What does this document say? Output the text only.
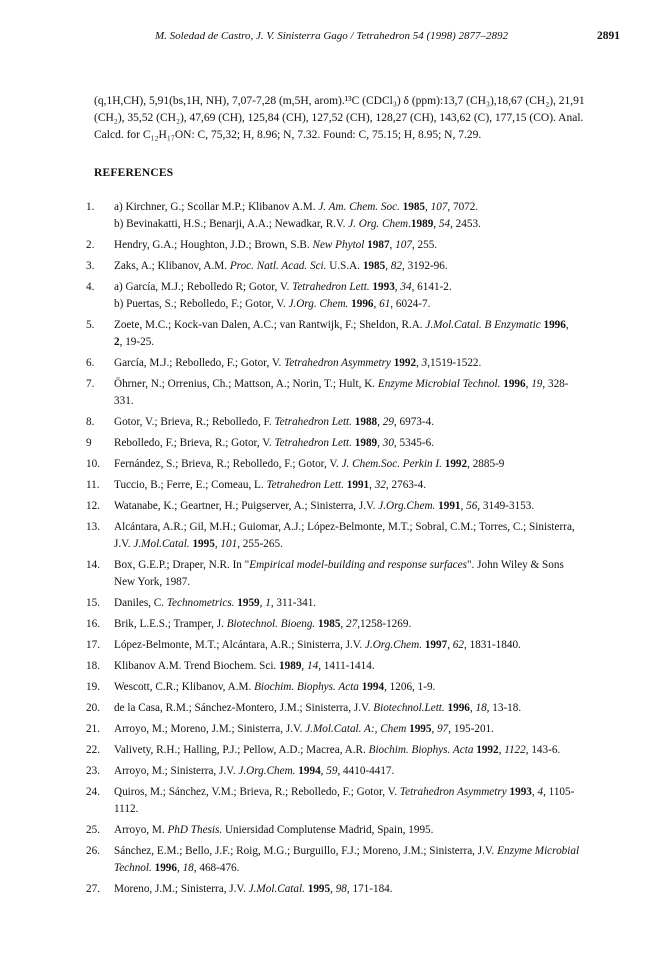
M. Soledad de Castro, J. V. Sinisterra Gago / Tetrahedron 54 (1998) 2877–2892	2891

(q,1H,CH), 5,91(bs,1H, NH), 7,07-7,28 (m,5H, arom).¹³C (CDCl₃) δ (ppm):13,7 (CH₃),18,67 (CH₂), 21,91
(CH₂), 35,52 (CH₂), 47,69 (CH), 125,84 (CH), 127,52 (CH), 128,27 (CH), 143,62 (C), 177,15 (CO). Anal.
Calcd. for C₁₂H₁₇ON: C, 75,32; H, 8.96; N, 7.32. Found: C, 75.15; H, 8.95; N, 7.29.

REFERENCES
1.	a) Kirchner, G.; Scollar M.P.; Klibanov A.M. J. Am. Chem. Soc. 1985, 107, 7072.
b) Bevinakatti, H.S.; Benarji, A.A.; Newadkar, R.V. J. Org. Chem.1989, 54, 2453.
2.	Hendry, G.A.; Houghton, J.D.; Brown, S.B. New Phytol 1987, 107, 255.
3.	Zaks, A.; Klibanov, A.M. Proc. Natl. Acad. Sci. U.S.A. 1985, 82, 3192-96.
4.	a) García, M.J.; Rebolledo R; Gotor, V. Tetrahedron Lett. 1993, 34, 6141-2.
b) Puertas, S.; Rebolledo, F.; Gotor, V. J.Org. Chem. 1996, 61, 6024-7.
5.	Zoete, M.C.; Kock-van Dalen, A.C.; van Rantwijk, F.; Sheldon, R.A. J.Mol.Catal. B Enzymatic 1996,
2, 19-25.
6.	García, M.J.; Rebolledo, F.; Gotor, V. Tetrahedron Asymmetry 1992, 3,1519-1522.
7.	Öhrner, N.; Orrenius, Ch.; Mattson, A.; Norin, T.; Hult, K. Enzyme Microbial Technol. 1996, 19, 328-
331.
8.	Gotor, V.; Brieva, R.; Rebolledo, F. Tetrahedron Lett. 1988, 29, 6973-4.
9	Rebolledo, F.; Brieva, R.; Gotor, V. Tetrahedron Lett. 1989, 30, 5345-6.
10.	Fernández, S.; Brieva, R.; Rebolledo, F.; Gotor, V. J. Chem.Soc. Perkin I. 1992, 2885-9
11.	Tuccio, B.; Ferre, E.; Comeau, L. Tetrahedron Lett. 1991, 32, 2763-4.
12.	Watanabe, K.; Geartner, H.; Puigserver, A.; Sinisterra, J.V. J.Org.Chem. 1991, 56, 3149-3153.
13.	Alcántara, A.R.; Gil, M.H.; Guiomar, A.J.; López-Belmonte, M.T.; Sobral, C.M.; Torres, C.; Sinisterra,
J.V. J.Mol.Catal. 1995, 101, 255-265.
14.	Box, G.E.P.; Draper, N.R. In "Empirical model-building and response surfaces". John Wiley & Sons
New York, 1987.
15.	Daniles, C. Technometrics. 1959, 1, 311-341.
16.	Brik, L.E.S.; Tramper, J. Biotechnol. Bioeng. 1985, 27,1258-1269.
17.	López-Belmonte, M.T.; Alcántara, A.R.; Sinisterra, J.V. J.Org.Chem. 1997, 62, 1831-1840.
18.	Klibanov A.M. Trend Biochem. Sci. 1989, 14, 1411-1414.
19.	Wescott, C.R.; Klibanov, A.M. Biochim. Biophys. Acta 1994, 1206, 1-9.
20.	de la Casa, R.M.; Sánchez-Montero, J.M.; Sinisterra, J.V. Biotechnol.Lett. 1996, 18, 13-18.
21.	Arroyo, M.; Moreno, J.M.; Sinisterra, J.V. J.Mol.Catal. A:, Chem 1995, 97, 195-201.
22.	Valivety, R.H.; Halling, P.J.; Pellow, A.D.; Macrea, A.R. Biochim. Biophys. Acta 1992, 1122, 143-6.
23.	Arroyo, M.; Sinisterra, J.V. J.Org.Chem. 1994, 59, 4410-4417.
24.	Quiros, M.; Sánchez, V.M.; Brieva, R.; Rebolledo, F.; Gotor, V. Tetrahedron Asymmetry 1993, 4, 1105-
1112.
25.	Arroyo, M. PhD Thesis. Uniersidad Complutense Madrid, Spain, 1995.
26.	Sánchez, E.M.; Bello, J.F.; Roig, M.G.; Burguillo, F.J.; Moreno, J.M.; Sinisterra, J.V. Enzyme Microbial
Technol. 1996, 18, 468-476.
27.	Moreno, J.M.; Sinisterra, J.V. J.Mol.Catal. 1995, 98, 171-184.
